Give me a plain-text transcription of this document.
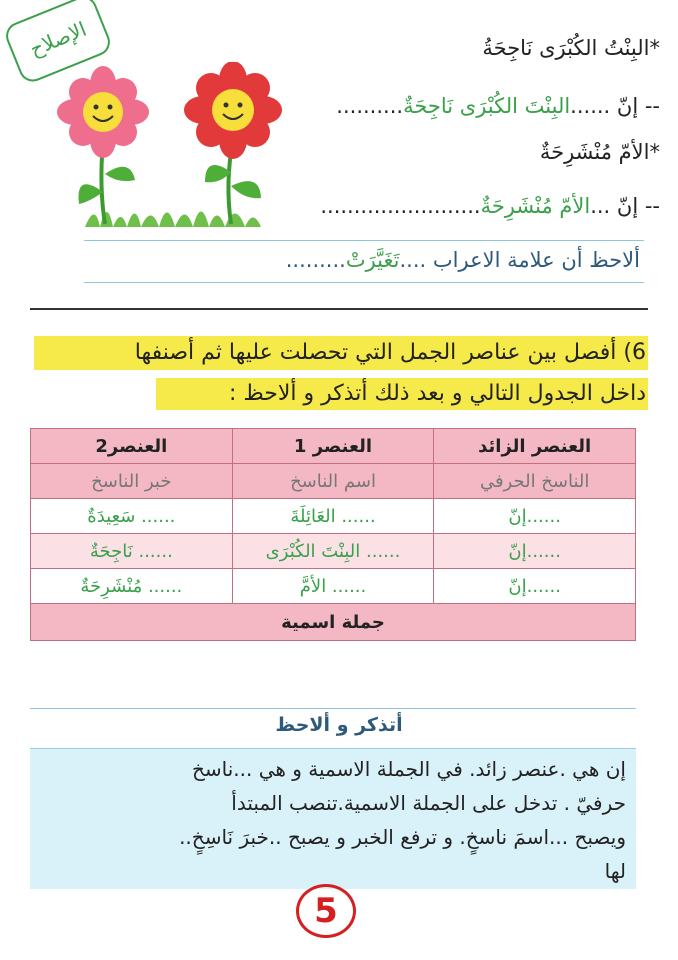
الإصلاح	*البِنْتُ الكُبْرَى نَاجِحَةُ
-- إنّ ......البِنْتَ الكُبْرَى نَاجِحَةٌ..........
*الأمّ مُنْشَرِحَةٌ
-- إنّ ...الأمّ مُنْشَرِحَةٌ........................
ألاحظ أن علامة الاعراب ....تَغَيَّرَتْ.........
6) أفصل بين عناصر الجمل التي تحصلت عليها ثم أصنفها
داخل الجدول التالي و بعد ذلك أتذكر و ألاحظ :
العنصر الزائد	العنصر 1	العنصر2
الناسخ الحرفي	اسم الناسخ	خبر الناسخ
......إنّ	...... العَائِلَةَ	...... سَعِيدَةٌ
......إنّ	...... البِنْتَ الكُبْرَى	...... نَاجِحَةٌ
......إنّ	...... الأمَّ	...... مُنْشَرِحَةٌ
جملة اسمية		
أتذكر و ألاحظ
إن هي .عنصر زائد. في الجملة الاسمية و هي ...ناسخ
حرفيّ . تدخل على الجملة الاسمية.تنصب المبتدأ
ويصبح ...اسمَ ناسخٍ. و ترفع الخبر و يصبح ..خبرَ نَاسِخٍ..
لها
5
